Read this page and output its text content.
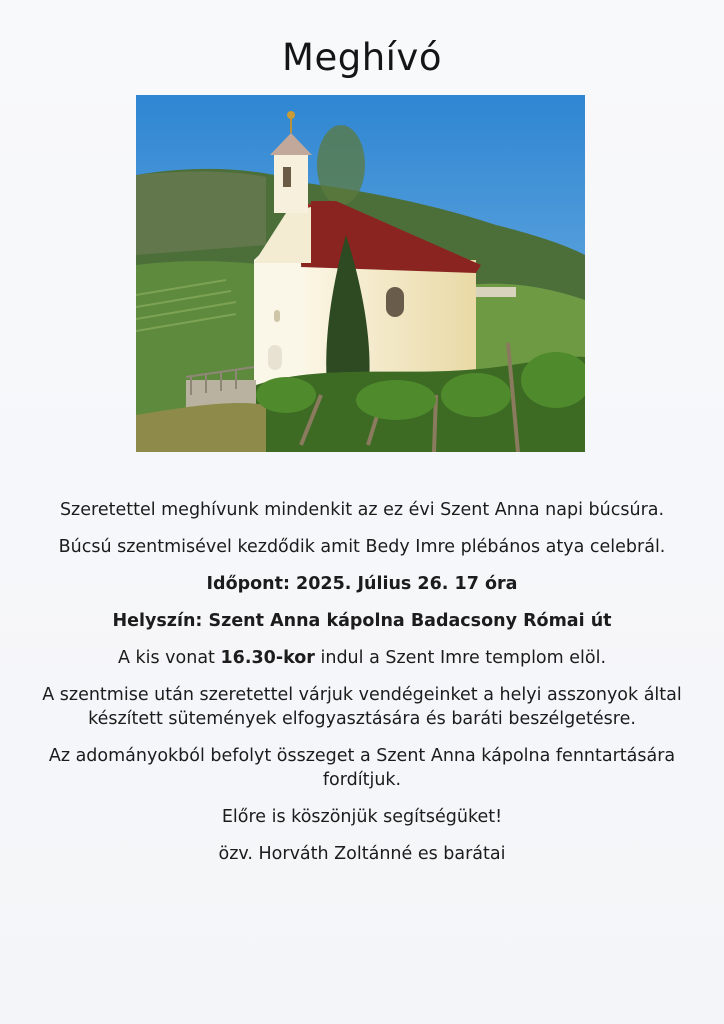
Meghívó

Szeretettel meghívunk mindenkit az ez évi Szent Anna napi búcsúra.

Búcsú szentmisével kezdődik amit Bedy Imre plébános atya celebrál.

Időpont: 2025. Július 26. 17 óra

Helyszín: Szent Anna kápolna Badacsony Római út

A kis vonat 16.30-kor indul a Szent Imre templom elöl.

A szentmise után szeretettel várjuk vendégeinket a helyi asszonyok által
készített sütemények elfogyasztására és baráti beszélgetésre.

Az adományokból befolyt összeget a Szent Anna kápolna fenntartására
fordítjuk.

Előre is köszönjük segítségüket!

özv. Horváth Zoltánné es barátai
